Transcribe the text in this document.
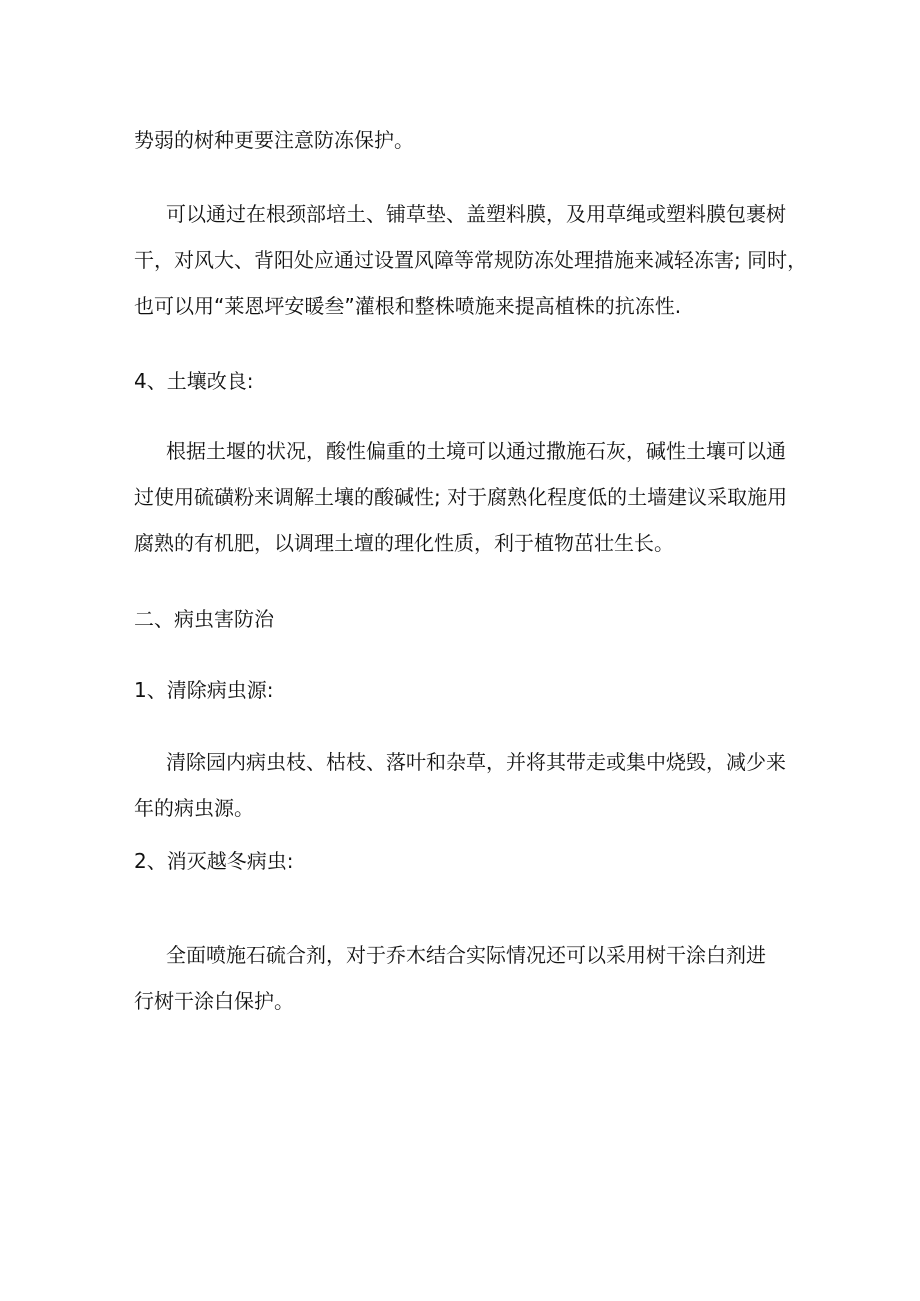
势弱的树种更要注意防冻保护。

可以通过在根颈部培土、铺草垫、盖塑料膜，及用草绳或塑料膜包裹树
干，对风大、背阳处应通过设置风障等常规防冻处理措施来减轻冻害; 同时，
也可以用“莱恩坪安暖叁”灌根和整株喷施来提高植株的抗冻性.

4、土壤改良:

根据土堰的状况，酸性偏重的土境可以通过撒施石灰，碱性土壤可以通
过使用硫磺粉来调解土壤的酸碱性; 对于腐熟化程度低的土墙建议采取施用
腐熟的有机肥，以调理土壇的理化性质，利于植物茁壮生长。

二、病虫害防治

1、清除病虫源:

清除园内病虫枝、枯枝、落叶和杂草，并将其带走或集中烧毁，减少来
年的病虫源。

2、消灭越冬病虫:

全面喷施石硫合剂，对于乔木结合实际情况还可以采用树干涂白剂进
行树干涂白保护。
